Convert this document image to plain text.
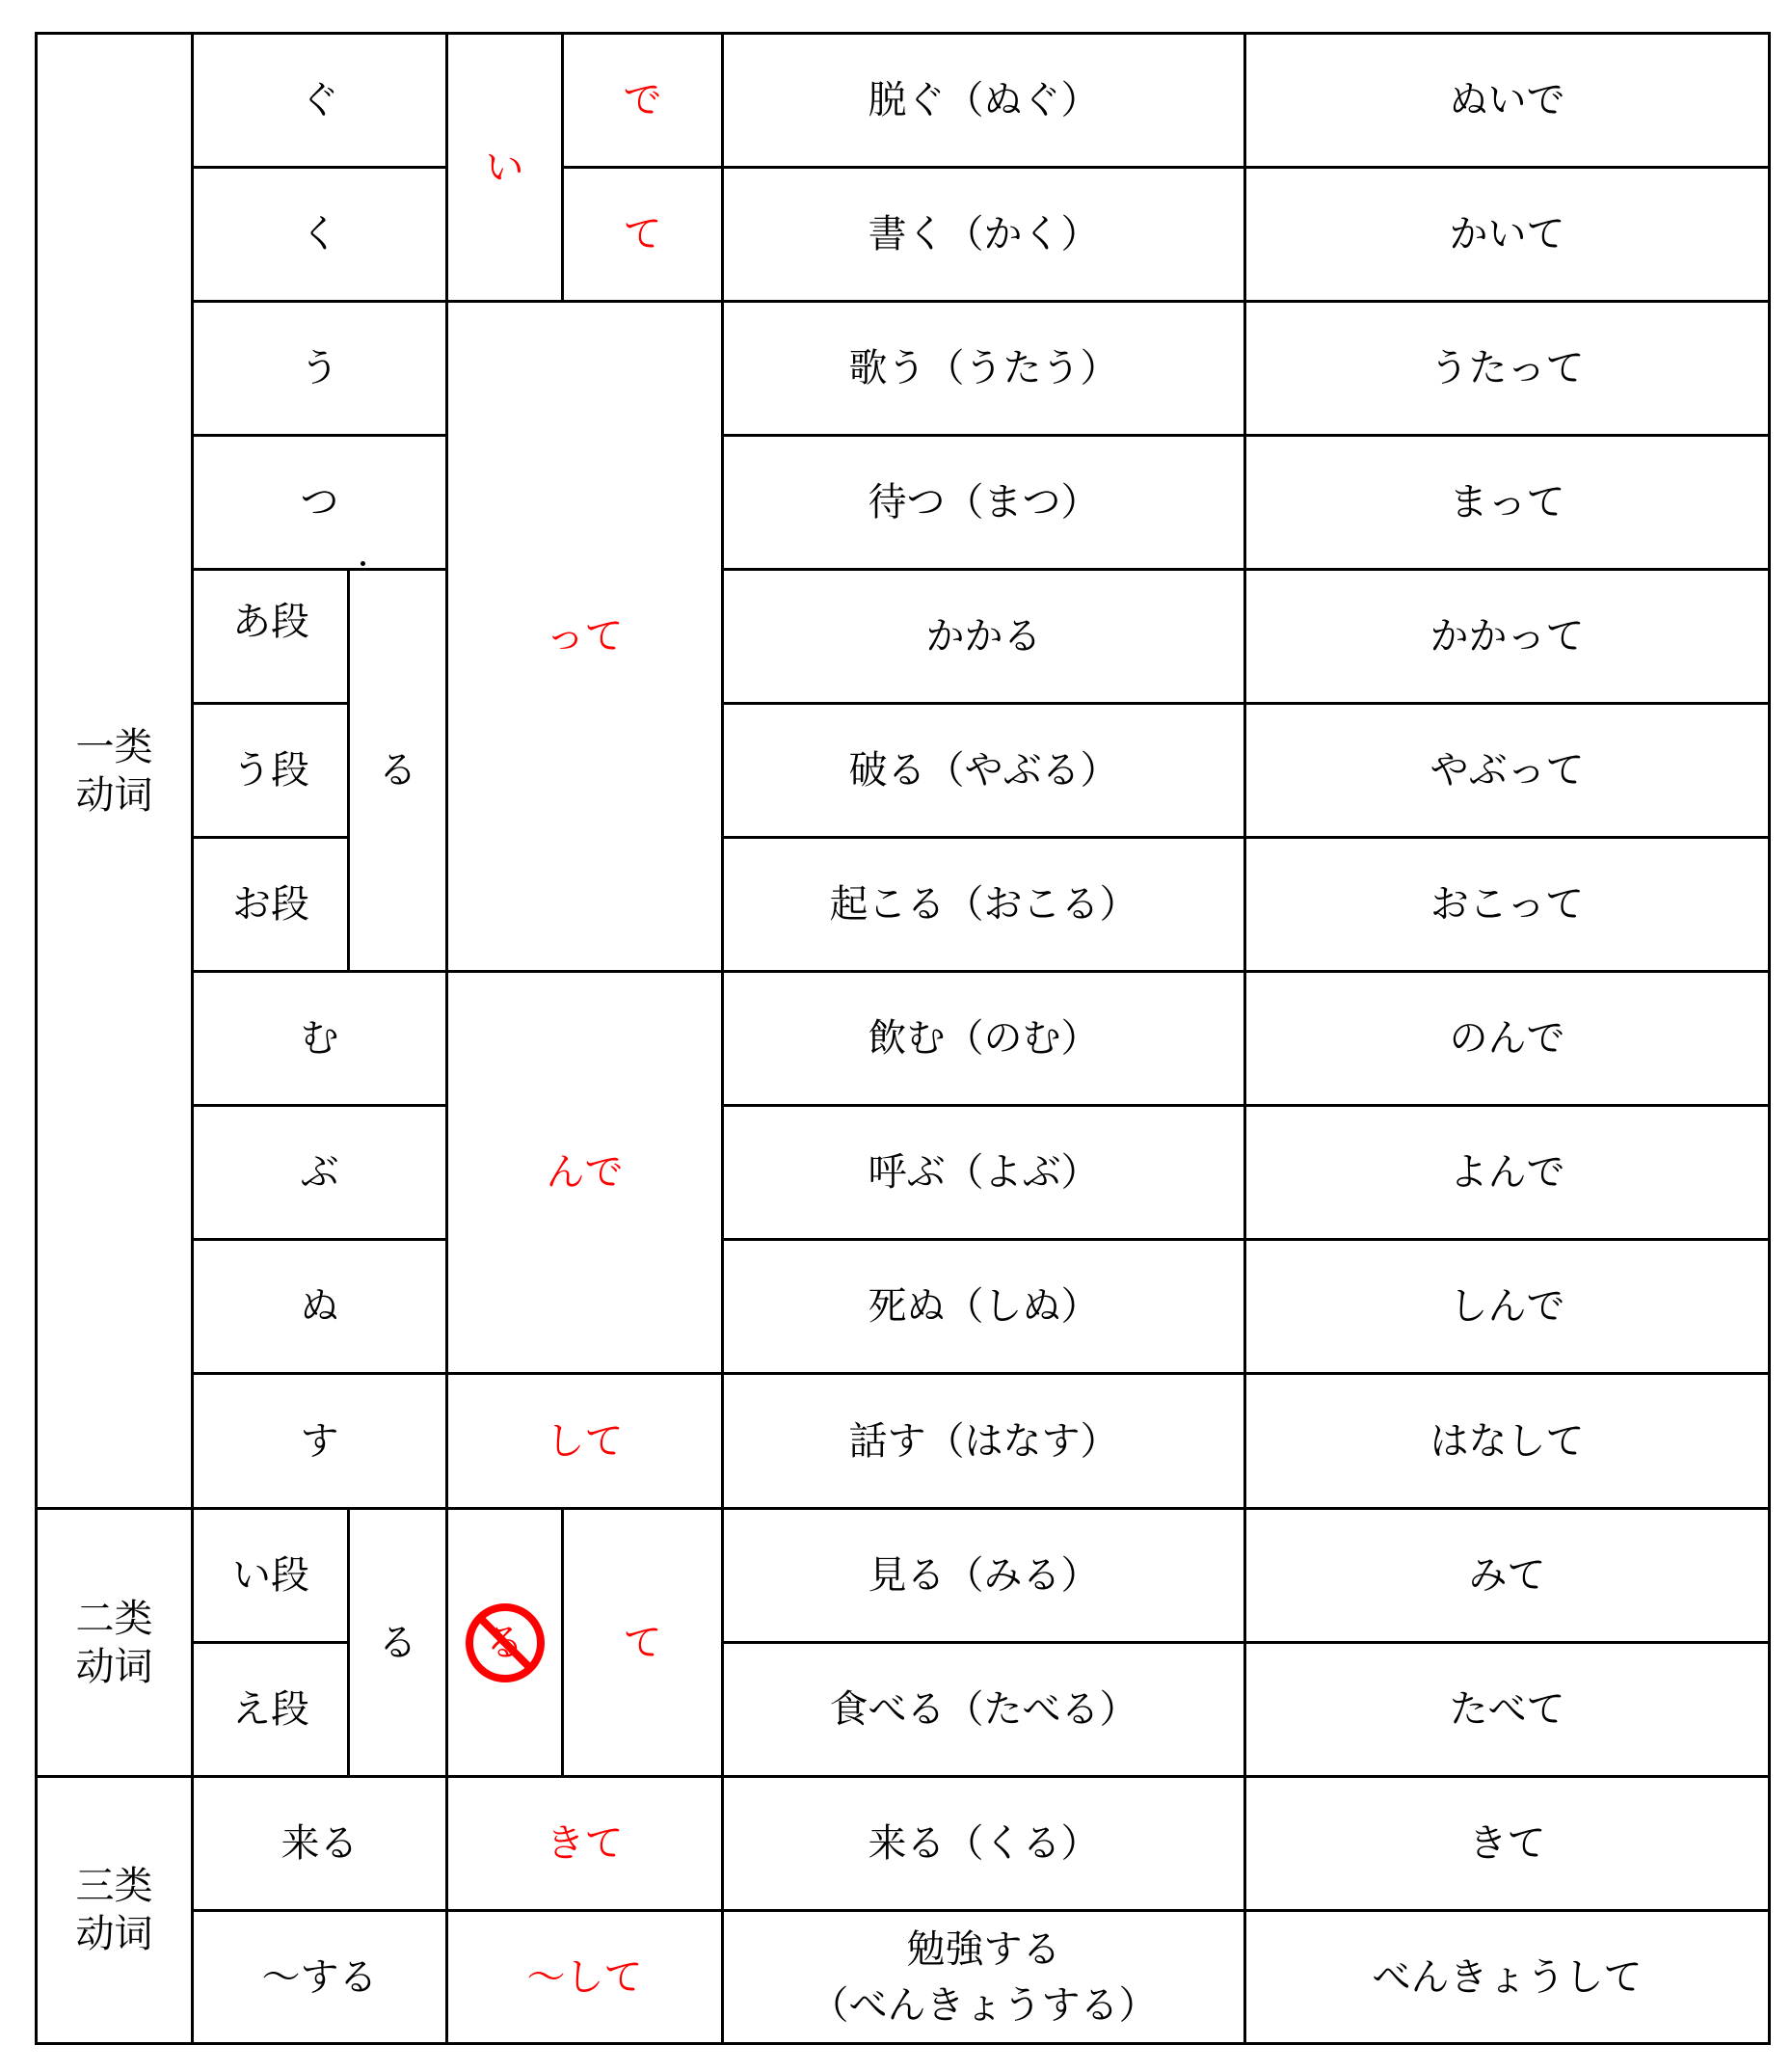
一类
动词
二类
动词
三类
动词
ぐ
く
う
つ
あ段
う段
お段
る
む
ぶ
ぬ
す
い段
え段
る
来る
～する
い
で
て
って
んで
して
る	て
きて
～して
脱ぐ（ぬぐ）
書く（かく）
歌う（うたう）
待つ（まつ）
かかる
破る（やぶる）
起こる（おこる）
飲む（のむ）
呼ぶ（よぶ）
死ぬ（しぬ）
話す（はなす）
見る（みる）
食べる（たべる）
来る（くる）
勉強する
（べんきょうする）
ぬいで
かいて
うたって
まって
かかって
やぶって
おこって
のんで
よんで
しんで
はなして
みて
たべて
きて
べんきょうして
